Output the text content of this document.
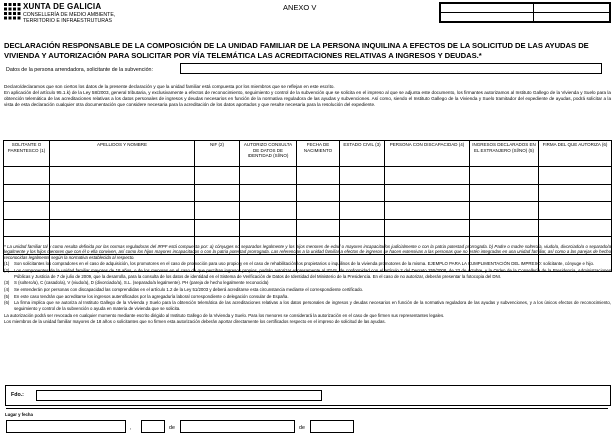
XUNTA DE GALICIA
CONSELLERÍA DE MEDIO AMBIENTE,
TERRITORIO E INFRAESTRUTURAS
ANEXO V

DECLARACIÓN RESPONSABLE DE LA COMPOSICIÓN DE LA UNIDAD FAMILIAR DE LA PERSONA INQUILINA A EFECTOS DE LA SOLICITUD DE LAS AYUDAS DE VIVIENDA Y AUTORIZACIÓN PARA SOLICITAR POR VÍA TELEMÁTICA LAS ACREDITACIONES RELATIVAS A INGRESOS Y DEUDAS.*
Datos de la persona arrendadora, solicitante de la subvención:

Declaro/declaramos que son ciertos los datos de la presente declaración y que la unidad familiar está compuesta por los miembros que se reflejan en este escrito.

En aplicación del artículo 95.1.k) de la Ley 58/2003, general tributaria, y exclusivamente a efectos de reconocimiento, seguimiento y control de la subvención que se solicita en el impreso al que se adjunta este documento, los firmantes autorizamos al Instituto Gallego de la Vivienda y Suelo para la obtención telemática de las acreditaciones relativas a los datos personales de ingresos y deudas necesarios en función de la normativa reguladora de las ayudas y subvenciones. Así como, siendo el Instituto Gallego de la Vivienda y Suelo tramitador del expediente de ayudas, podrá solicitar a la vista de esta declaración cualquier otra documentación que considere necesaria para la acreditación de los datos aportados y que resulte necesaria para la resolución del expediente.

SOLITANTE O PARENTESCO (1)	APELLIDOS Y NOMBRE	NIF (2)	AUTORIZO CONSULTA DE DATOS DE IDENTIDAD (SÍ/NO)	FECHA DE NACIMIENTO	ESTADO CIVIL (3)	PERSONA CON DISCAPACIDAD (4)	INGRESOS DECLARADOS EN EL EXTRANJERO (SÍ/NO) (5)	FIRMA DEL QUE AUTORIZA (6)

* La unidad familiar tal y como resulta definida por las normas reguladoras del IRPF está compuesta por: a) cónyuges no separados legalmente y los hijos menores de edad o mayores incapacitados judicialmente o con la patria potestad prorrogada. b) Padre o madre soltero/a, viudo/a, divorciado/a o separado/a legalmente y los hijos menores que con él o ella conviven, así como los hijos mayores incapacitados o con la patria potestad prorrogada. Las referencias a la unidad familiar a efectos de ingresos se hacen extensivas a las personas que no estén integradas en una unidad familiar, así como a las parejas de hecho reconocidas legalmente según la normativa establecida al respecto.

(1)	Son solicitantes los compradores en el caso de adquisición, los promotores en el caso de promoción para uso propio y en el caso de rehabilitación los propietarios o inquilinos de la vivienda promotores de la misma. EJEMPLO PARA LA CUMPLIMENTACIÓN DEL IMPRESO: solicitante, cónyuge e hijo.
(2)	Los componentes de la unidad familiar mayores de 18 años, o de los menores en el caso de que perciban ingresos propios, podrán autorizar expresamente al IGVS, de conformidad con el artículo 2 del Decreto 255/2008, de 23 de octubre, y la Orden de la Consellería de la Presidencia, Administraciones Públicas y Justicia de 7 de julio de 2009, que la desarrolla, para la consulta de los datos de identidad en el Sistema de Verificación de Datos de Identidad del Ministerio de la Presidencia. En el caso de no autorizar, deberán presentar la fotocopia del DNI.
(3)	S (soltero/a), C (casado/a), V (viudo/a), D (divorciado/a), S.L. (separado/a legalmente). PH (pareja de hecho legalmente reconocida)
(4)	Se entenderán por personas con discapacidad las comprendidas en el artículo 1.2 de la Ley 51/2003 y deberá acreditarse esta circunstancia mediante el correspondiente certificado.
(5)	En este caso tendrán que acreditarse los ingresos autentificados por la agregaduría laboral correspondiente o delegación consular de España.
(6)	La firma implica que se autoriza al Instituto Gallego de la Vivienda y Suelo para la obtención telemática de las acreditaciones relativas a los datos personales de ingresos y deudas necesarios en función de la normativa reguladora de las ayudas y subvenciones, y a los únicos efectos de reconocimiento, seguimiento y control de la subvención o ayuda en materia de vivienda que se solicita.

La autorización podrá ser revocada en cualquier momento mediante escrito dirigido al Instituto Gallego de la Vivienda y Suelo. Para los menores se considerará la autorización en el caso de que firmen sus representantes legales.

Los miembros de la unidad familiar mayores de 18 años o solicitantes que no firmen esta autorización deberán aportar directamente los certificados respecto en el impreso de solicitud de las ayudas.

Fdo.:
Lugar y fecha
,	de	de
